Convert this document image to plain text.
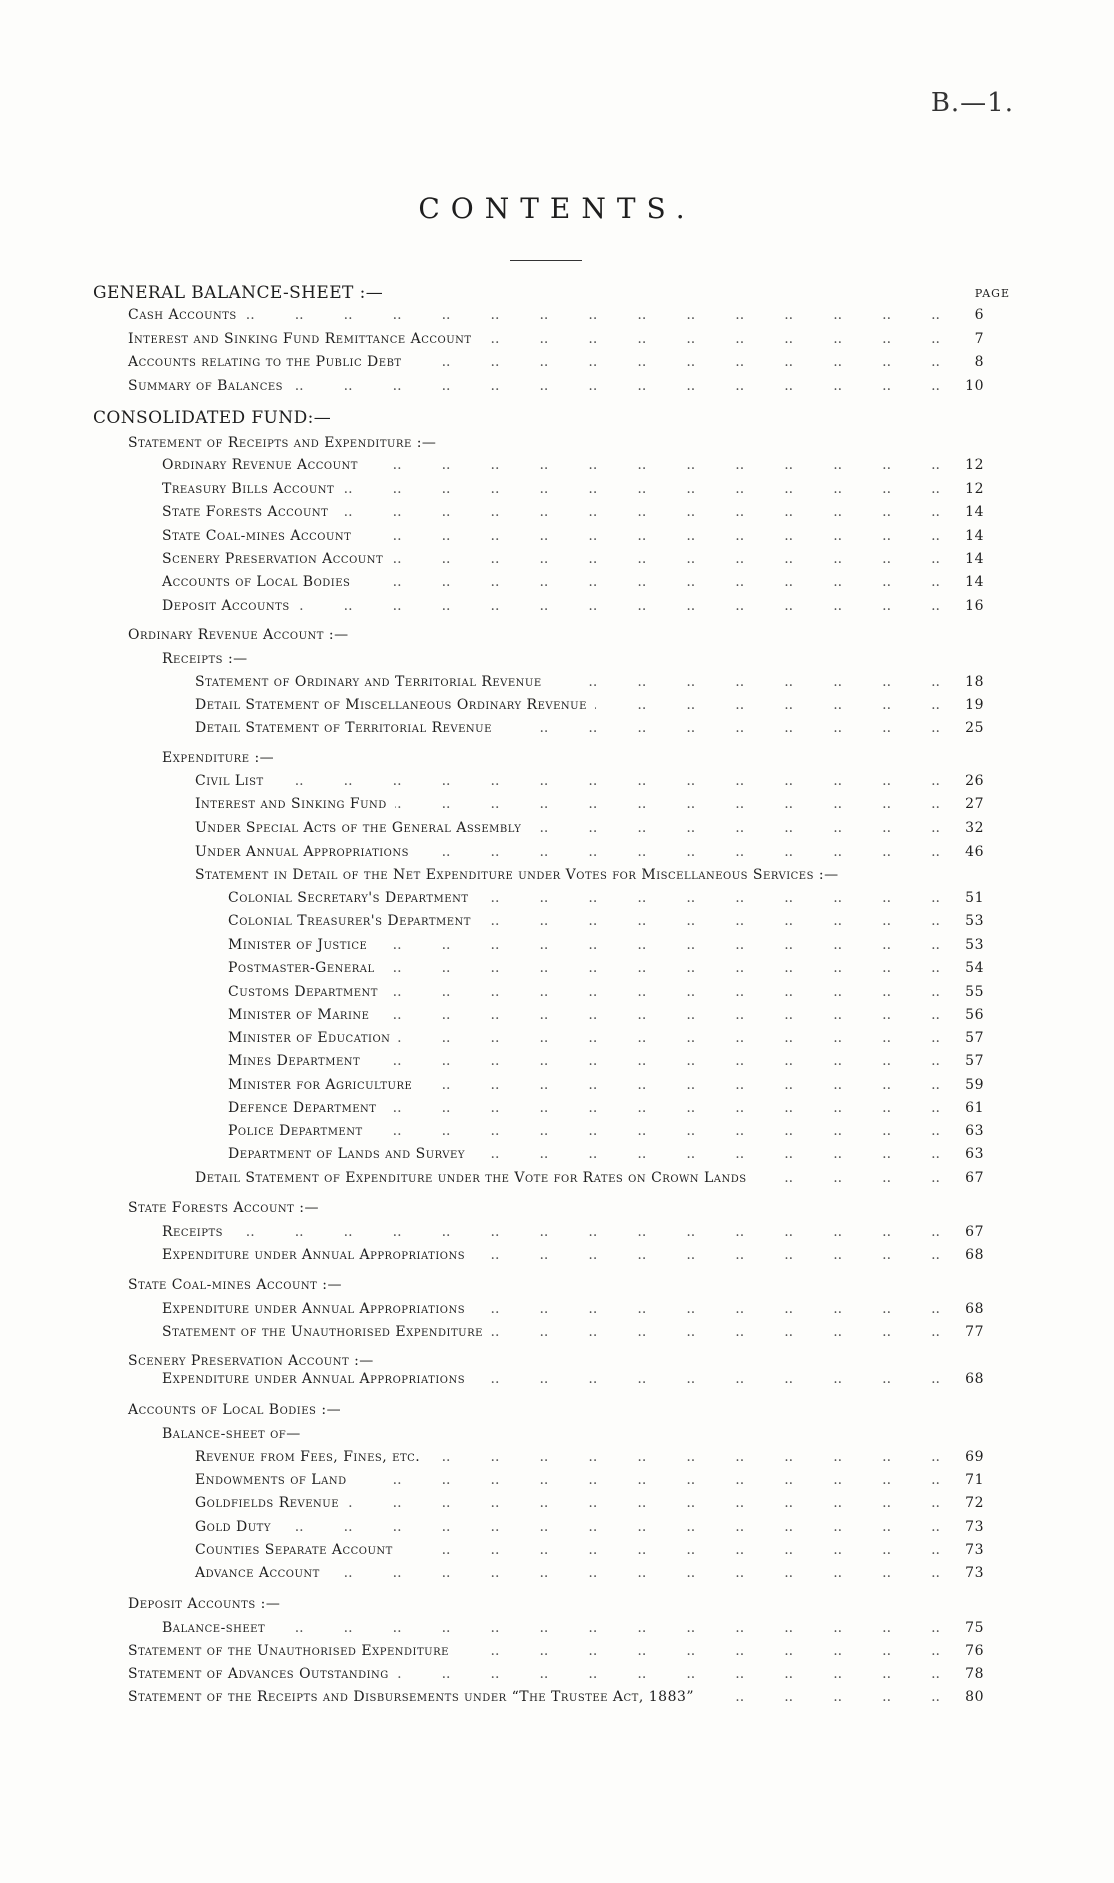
B.—1.
CONTENTS.
GENERAL BALANCE-SHEET :—	PAGE
Cash Accounts ..	6
Interest and Sinking Fund Remittance Account ..	7
Accounts relating to the Public Debt ..	8
Summary of Balances ..	10
CONSOLIDATED FUND:—
Statement of Receipts and Expenditure :—
Ordinary Revenue Account ..	12
Treasury Bills Account ..	12
State Forests Account ..	14
State Coal-mines Account ..	14
Scenery Preservation Account ..	14
Accounts of Local Bodies ..	14
Deposit Accounts ..	16
Ordinary Revenue Account :—
Receipts :—
Statement of Ordinary and Territorial Revenue ..	18
Detail Statement of Miscellaneous Ordinary Revenue ..	19
Detail Statement of Territorial Revenue ..	25
Expenditure :—
Civil List ..	26
Interest and Sinking Fund ..	27
Under Special Acts of the General Assembly ..	32
Under Annual Appropriations ..	46
Statement in Detail of the Net Expenditure under Votes for Miscellaneous Services :—
Colonial Secretary's Department ..	51
Colonial Treasurer's Department ..	53
Minister of Justice ..	53
Postmaster-General ..	54
Customs Department ..	55
Minister of Marine ..	56
Minister of Education ..	57
Mines Department ..	57
Minister for Agriculture ..	59
Defence Department ..	61
Police Department ..	63
Department of Lands and Survey ..	63
Detail Statement of Expenditure under the Vote for Rates on Crown Lands ..	67
State Forests Account :—
Receipts ..	67
Expenditure under Annual Appropriations ..	68
State Coal-mines Account :—
Expenditure under Annual Appropriations ..	68
Statement of the Unauthorised Expenditure ..	77
Scenery Preservation Account :—
Expenditure under Annual Appropriations ..	68
Accounts of Local Bodies :—
Balance-sheet of—
Revenue from Fees, Fines, etc. ..	69
Endowments of Land ..	71
Goldfields Revenue ..	72
Gold Duty ..	73
Counties Separate Account ..	73
Advance Account ..	73
Deposit Accounts :—
Balance-sheet ..	75
Statement of the Unauthorised Expenditure ..	76
Statement of Advances Outstanding ..	78
Statement of the Receipts and Disbursements under “The Trustee Act, 1883” ..	80
